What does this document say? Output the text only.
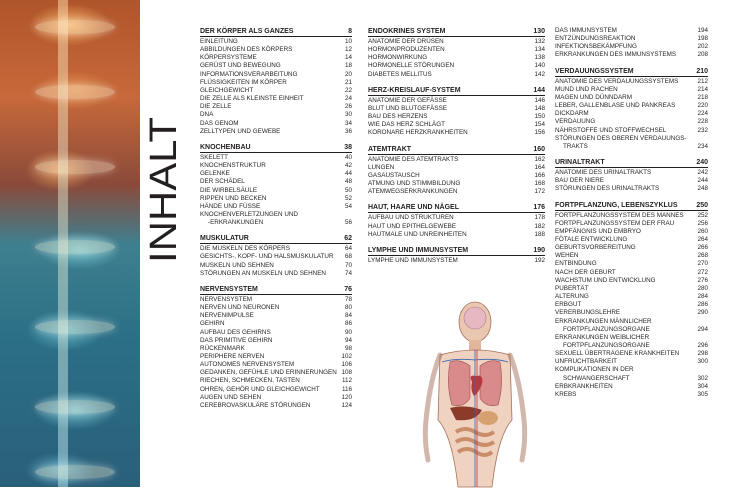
INHALT
DER KÖRPER ALS GANZES	8
EINLEITUNG	10
ABBILDUNGEN DES KÖRPERS	12
KÖRPERSYSTEME	14
GERÜST UND BEWEGUNG	18
INFORMATIONSVERARBEITUNG	20
FLÜSSIGKEITEN IM KÖRPER	21
GLEICHGEWICHT	22
DIE ZELLE ALS KLEINSTE EINHEIT	24
DIE ZELLE	26
DNA	30
DAS GENOM	34
ZELLTYPEN UND GEWEBE	36
KNOCHENBAU	38
SKELETT	40
KNOCHENSTRUKTUR	42
GELENKE	44
DER SCHÄDEL	48
DIE WIRBELSÄULE	50
RIPPEN UND BECKEN	52
HÄNDE UND FÜSSE	54
KNOCHENVERLETZUNGEN UND
-ERKRANKUNGEN	56
MUSKULATUR	62
DIE MUSKELN DES KÖRPERS	64
GESICHTS-, KOPF- UND HALSMUSKULATUR	68
MUSKELN UND SEHNEN	70
STÖRUNGEN AN MUSKELN UND SEHNEN	74
NERVENSYSTEM	76
NERVENSYSTEM	78
NERVEN UND NEURONEN	80
NERVENIMPULSE	84
GEHIRN	86
AUFBAU DES GEHIRNS	90
DAS PRIMITIVE GEHIRN	94
RÜCKENMARK	98
PERIPHERE NERVEN	102
AUTONOMES NERVENSYSTEM	106
GEDANKEN, GEFÜHLE UND ERINNERUNGEN 108
RIECHEN, SCHMECKEN, TASTEN	112
OHREN, GEHÖR UND GLEICHGEWICHT	116
AUGEN UND SEHEN	120
CEREBROVASKULÄRE STÖRUNGEN	124
ENDOKRINES SYSTEM	130
ANATOMIE DER DRÜSEN	132
HORMONPRODUZENTEN	134
HORMONWIRKUNG	138
HORMONELLE STÖRUNGEN	140
DIABETES MELLITUS	142
HERZ-KREISLAUF-SYSTEM	144
ANATOMIE DER GEFÄSSE	146
BLUT UND BLUTGEFÄSSE	148
BAU DES HERZENS	150
WIE DAS HERZ SCHLÄGT	154
KORONARE HERZKRANKHEITEN	156
ATEMTRAKT	160
ANATOMIE DES ATEMTRAKTS	162
LUNGEN	164
GASAUSTAUSCH	166
ATMUNG UND STIMMBILDUNG	168
ATEMWEGSERKRANKUNGEN	172
HAUT, HAARE UND NÄGEL	176
AUFBAU UND STRUKTUREN	178
HAUT UND EPITHELGEWEBE	182
HAUTMALE UND UNREINHEITEN	188
LYMPHE UND IMMUNSYSTEM	190
LYMPHE UND IMMUNSYSTEM	192
DAS IMMUNSYSTEM	194
ENTZÜNDUNGSREAKTION	198
INFEKTIONSBEKÄMPFUNG	202
ERKRANKUNGEN DES IMMUNSYSTEMS	208
VERDAUUNGSSYSTEM	210
ANATOMIE DES VERDAUUNGSSYSTEMS	212
MUND UND RACHEN	214
MAGEN UND DÜNNDARM	218
LEBER, GALLENBLASE UND PANKREAS	220
DICKDARM	224
VERDAUUNG	228
NÄHRSTOFFE UND STOFFWECHSEL	232
STÖRUNGEN DES OBEREN VERDAUUNGS-
TRAKTS	234
URINALTRAKT	240
ANATOMIE DES URINALTRAKTS	242
BAU DER NIERE	244
STÖRUNGEN DES URINALTRAKTS	248
FORTPFLANZUNG, LEBENSZYKLUS	250
FORTPFLANZUNGSSYSTEM DES MANNES	252
FORTPFLANZUNGSSYSTEM DER FRAU	256
EMPFÄNGNIS UND EMBRYO	260
FÖTALE ENTWICKLUNG	264
GEBURTSVORBEREITUNG	266
WEHEN	268
ENTBINDUNG	270
NACH DER GEBURT	272
WACHSTUM UND ENTWICKLUNG	276
PUBERTÄT	280
ALTERUNG	284
ERBGUT	286
VERERBUNGSLEHRE	290
ERKRANKUNGEN MÄNNLICHER
FORTPFLANZUNGSORGANE	294
ERKRANKUNGEN WEIBLICHER
FORTPFLANZUNGSORGANE	296
SEXUELL ÜBERTRAGENE KRANKHEITEN	298
UNFRUCHTBARKEIT	300
KOMPLIKATIONEN IN DER
SCHWANGERSCHAFT	302
ERBKRANKHEITEN	304
KREBS	305
